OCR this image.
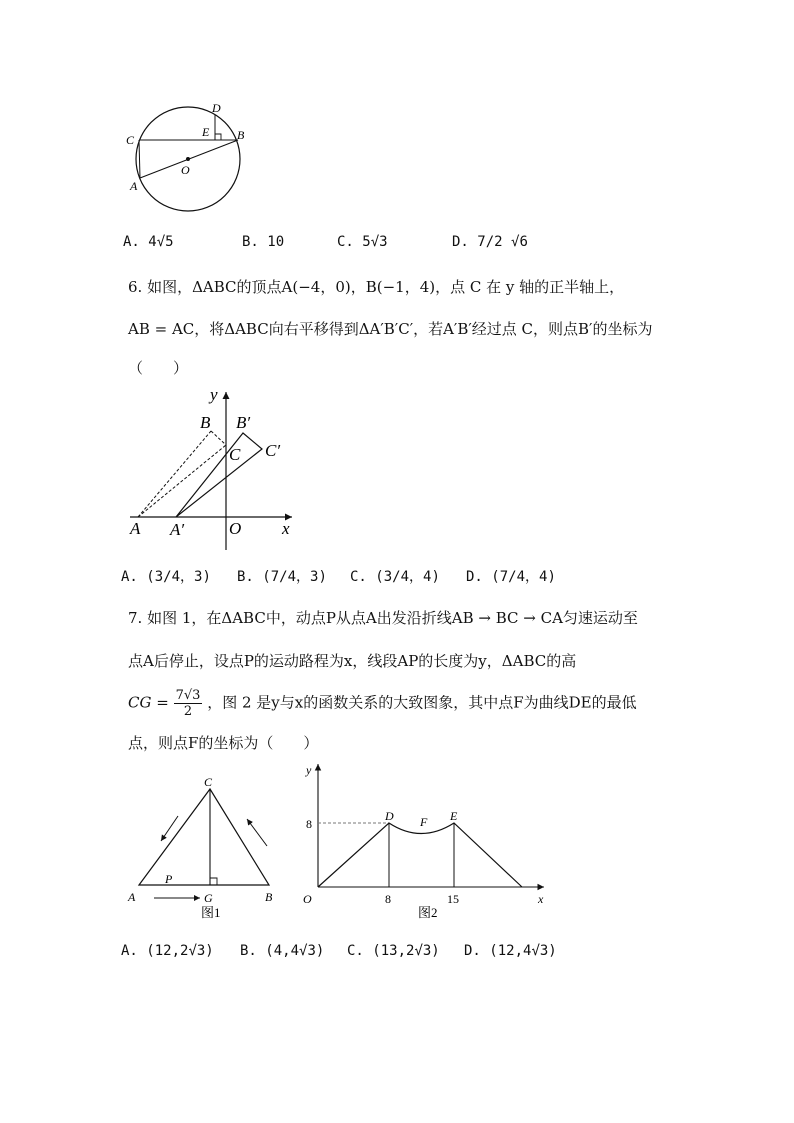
D
C
E B
O
A
A. 4√5	B. 10	C. 5√3	D. 7/2 √6
6. 如图，ΔABC的顶点A(−4，0)，B(−1，4)，点 C 在 y 轴的正半轴上，
AB = AC，将ΔABC向右平移得到ΔA′B′C′，若A′B′经过点 C，则点B′的坐标为
（　　）
y
B B′
C C′
A A′	O x
A. (3/4，3) B. (7/4，3) C. (3/4，4) D. (7/4，4)
7. 如图 1，在ΔABC中，动点P从点A出发沿折线AB → BC → CA匀速运动至
点A后停止，设点P的运动路程为x，线段AP的长度为y，ΔABC的高
CG = $\frac{7√3}{2}$ ，图 2 是y与x的函数关系的大致图象，其中点F为曲线DE的最低
点，则点F的坐标为（　　）
C
P
A	G	B
图1
y
8
D F E
O	8	15	x
图2
A. (12,2√3) B. (4,4√3) C. (13,2√3) D. (12,4√3)
